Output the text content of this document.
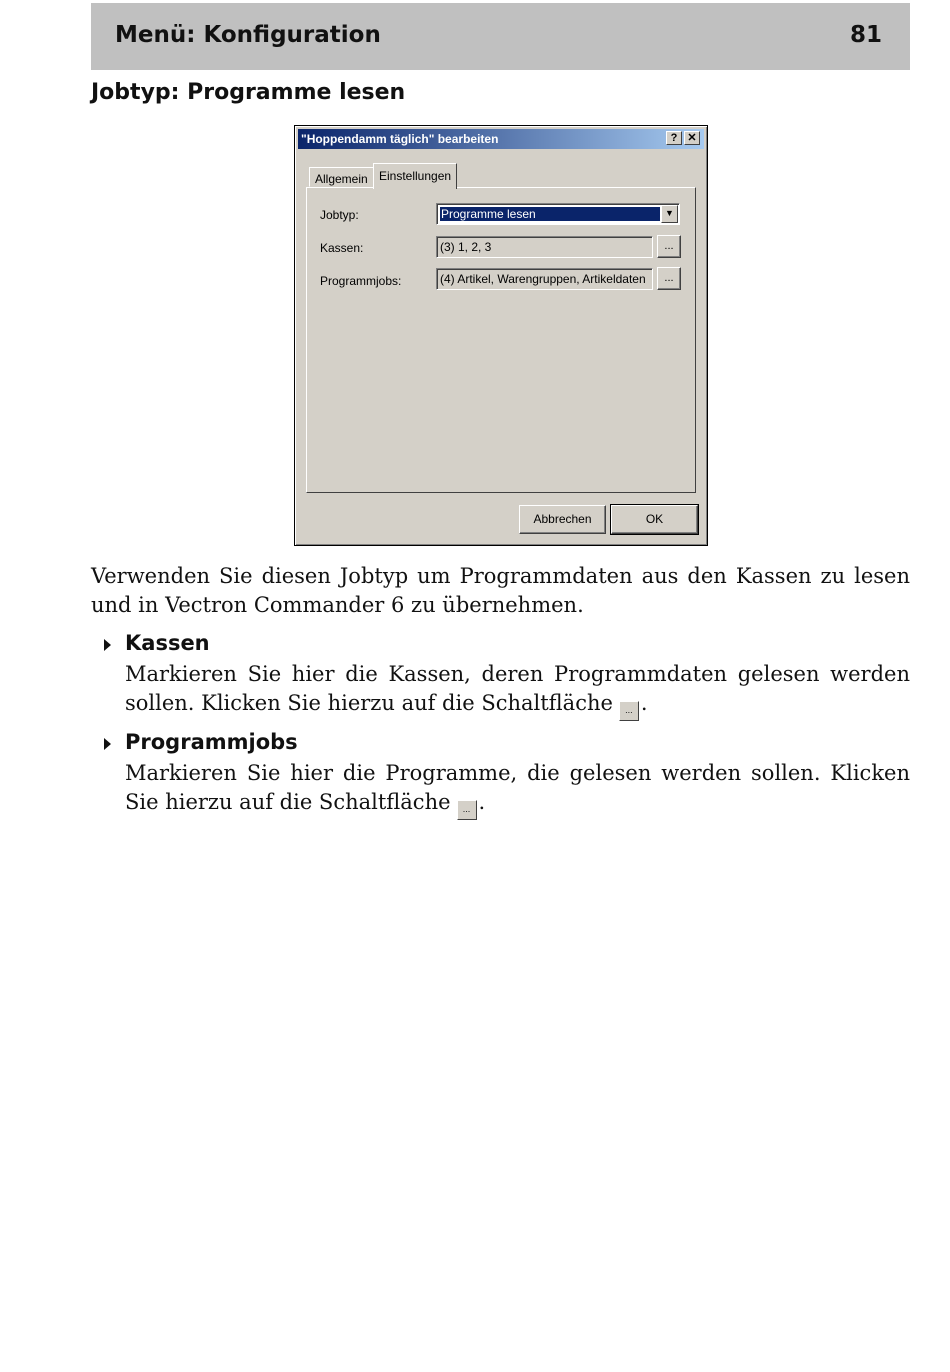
Menü: Konfiguration	81
Jobtyp: Programme lesen
"Hoppendamm täglich" bearbeiten	? ✕
Allgemein Einstellungen
Jobtyp:	Programme lesen	▼
Kassen:	(3) 1, 2, 3	...
Programmjobs:	(4) Artikel, Warengruppen, Artikeldaten	...
Abbrechen	OK
Verwenden Sie diesen Jobtyp um Programmdaten aus den Kassen zu lesen und in Vectron Commander 6 zu übernehmen.
Kassen
Markieren Sie hier die Kassen, deren Programmdaten gelesen werden sollen. Klicken Sie hierzu auf die Schaltfläche ... .
Programmjobs
Markieren Sie hier die Programme, die gelesen werden sollen. Klicken Sie hierzu auf die Schaltfläche ... .
